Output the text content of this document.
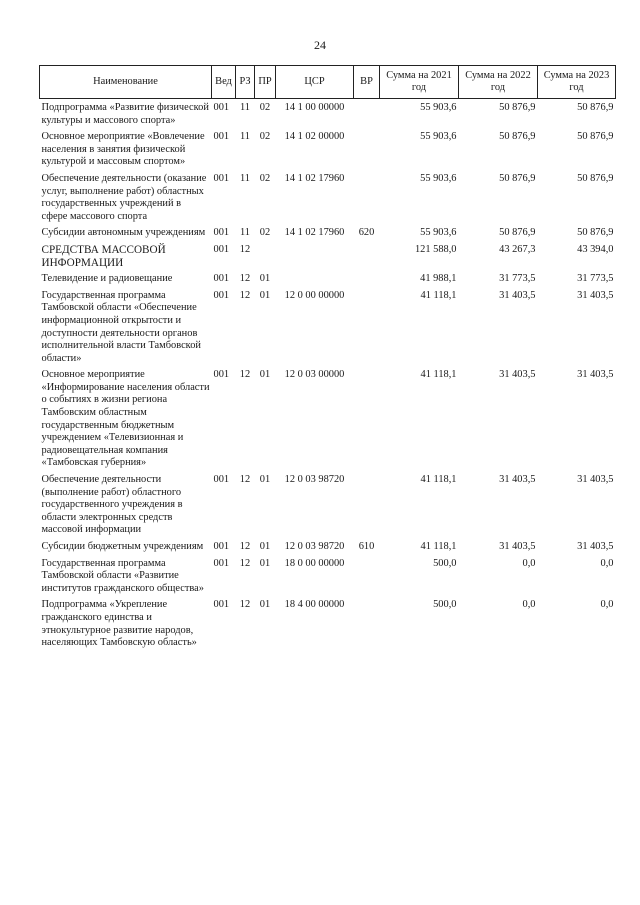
24
Наименование	Вед	РЗ	ПР	ЦСР	ВР	Сумма на 2021 год	Сумма на 2022 год	Сумма на 2023 год
Подпрограмма «Развитие физической культуры и массового спорта»	001	11	02	14 1 00 00000		55 903,6	50 876,9	50 876,9
Основное мероприятие «Вовлечение населения в занятия физической культурой и массовым спортом»	001	11	02	14 1 02 00000		55 903,6	50 876,9	50 876,9
Обеспечение деятельности (оказание услуг, выполнение работ) областных государственных учреждений в сфере массового спорта	001	11	02	14 1 02 17960		55 903,6	50 876,9	50 876,9
Субсидии автономным учреждениям	001	11	02	14 1 02 17960	620	55 903,6	50 876,9	50 876,9
СРЕДСТВА МАССОВОЙ ИНФОРМАЦИИ	001	12				121 588,0	43 267,3	43 394,0
Телевидение и радиовещание	001	12	01			41 988,1	31 773,5	31 773,5
Государственная программа Тамбовской области «Обеспечение информационной открытости и доступности деятельности органов исполнительной власти Тамбовской области»	001	12	01	12 0 00 00000		41 118,1	31 403,5	31 403,5
Основное мероприятие «Информирование населения области о событиях в жизни региона Тамбовским областным государственным бюджетным учреждением «Телевизионная и радиовещательная компания «Тамбовская губерния»	001	12	01	12 0 03 00000		41 118,1	31 403,5	31 403,5
Обеспечение деятельности (выполнение работ) областного государственного учреждения в области электронных средств массовой информации	001	12	01	12 0 03 98720		41 118,1	31 403,5	31 403,5
Субсидии бюджетным учреждениям	001	12	01	12 0 03 98720	610	41 118,1	31 403,5	31 403,5
Государственная программа Тамбовской области «Развитие институтов гражданского общества»	001	12	01	18 0 00 00000		500,0	0,0	0,0
Подпрограмма «Укрепление гражданского единства и этнокультурное развитие народов, населяющих Тамбовскую область»	001	12	01	18 4 00 00000		500,0	0,0	0,0
